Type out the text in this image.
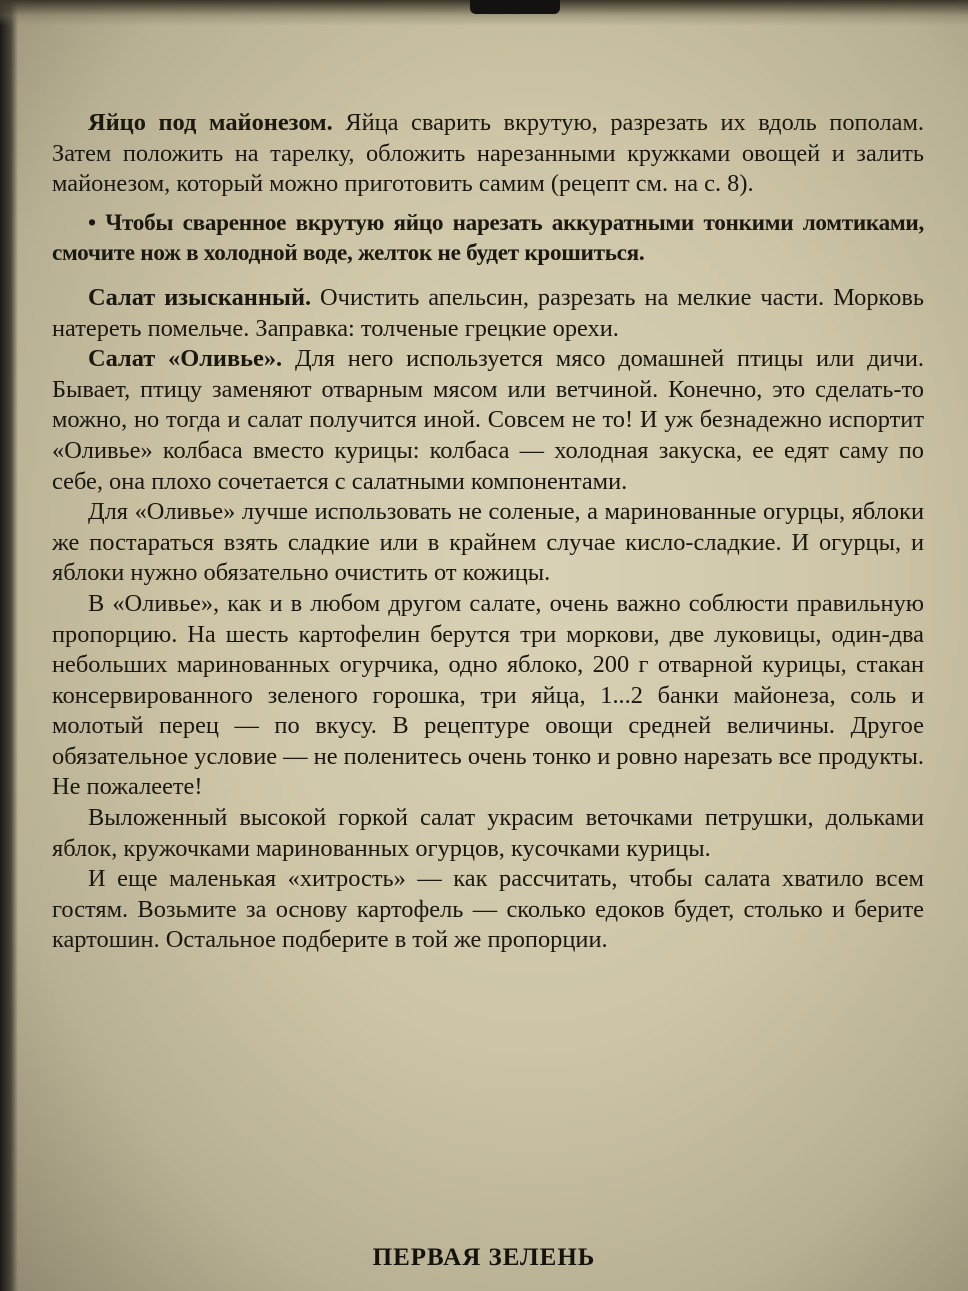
Яйцо под майонезом. Яйца сварить вкрутую, разрезать их вдоль пополам. Затем положить на тарелку, обложить нарезанными кружками овощей и залить майонезом, который можно приготовить самим (рецепт см. на с. 8).

• Чтобы сваренное вкрутую яйцо нарезать аккуратными тонкими ломтиками, смочите нож в холодной воде, желток не будет крошиться.

Салат изысканный. Очистить апельсин, разрезать на мелкие части. Морковь натереть помельче. Заправка: толченые грецкие орехи.

Салат «Оливье». Для него используется мясо домашней птицы или дичи. Бывает, птицу заменяют отварным мясом или ветчиной. Конечно, это сделать-то можно, но тогда и салат получится иной. Совсем не то! И уж безнадежно испортит «Оливье» колбаса вместо курицы: колбаса — холодная закуска, ее едят саму по себе, она плохо сочетается с салатными компонентами.

Для «Оливье» лучше использовать не соленые, а маринованные огурцы, яблоки же постараться взять сладкие или в крайнем случае кисло-сладкие. И огурцы, и яблоки нужно обязательно очистить от кожицы.

В «Оливье», как и в любом другом салате, очень важно соблюсти правильную пропорцию. На шесть картофелин берутся три моркови, две луковицы, один-два небольших маринованных огурчика, одно яблоко, 200 г отварной курицы, стакан консервированного зеленого горошка, три яйца, 1...2 банки майонеза, соль и молотый перец — по вкусу. В рецептуре овощи средней величины. Другое обязательное условие — не поленитесь очень тонко и ровно нарезать все продукты. Не пожалеете!

Выложенный высокой горкой салат украсим веточками петрушки, дольками яблок, кружочками маринованных огурцов, кусочками курицы.

И еще маленькая «хитрость» — как рассчитать, чтобы салата хватило всем гостям. Возьмите за основу картофель — сколько едоков будет, столько и берите картошин. Остальное подберите в той же пропорции.

ПЕРВАЯ ЗЕЛЕНЬ
